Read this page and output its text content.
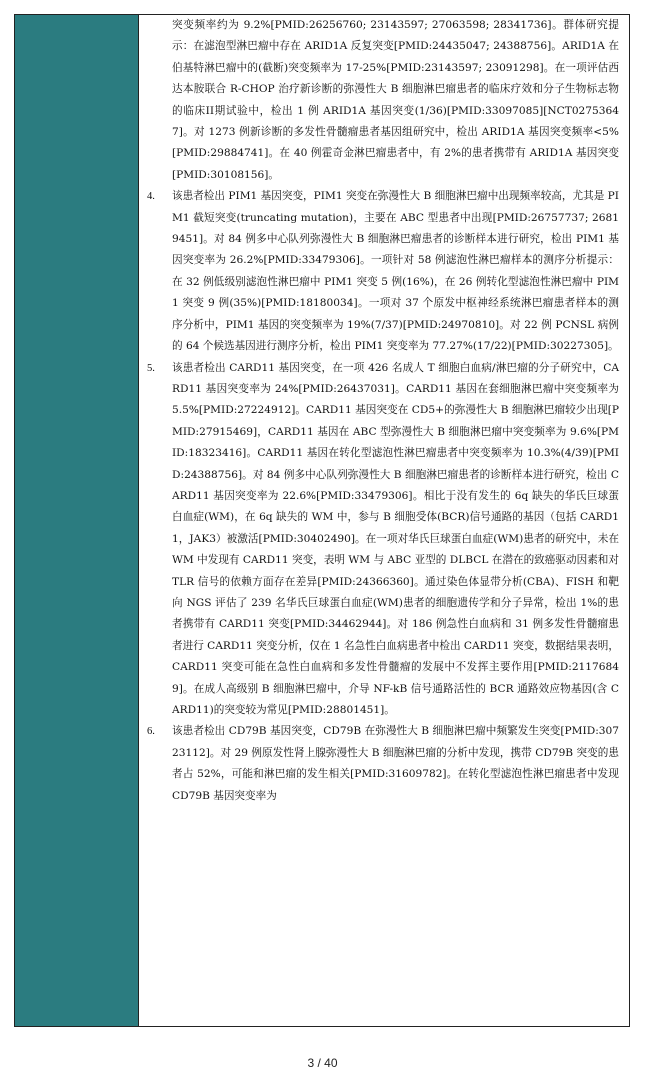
突变频率约为 9.2%[PMID:26256760; 23143597; 27063598; 28341736]。群体研究提示：在滤泡型淋巴瘤中存在 ARID1A 反复突变[PMID:24435047; 24388756]。ARID1A 在伯基特淋巴瘤中的(截断)突变频率为 17-25%[PMID:23143597; 23091298]。在一项评估西达本胺联合 R-CHOP 治疗新诊断的弥漫性大 B 细胞淋巴瘤患者的临床疗效和分子生物标志物的临床II期试验中，检出 1 例 ARID1A 基因突变(1/36)[PMID:33097085][NCT02753647]。对 1273 例新诊断的多发性骨髓瘤患者基因组研究中，检出 ARID1A 基因突变频率<5%[PMID:29884741]。在 40 例霍奇金淋巴瘤患者中，有 2%的患者携带有 ARID1A 基因突变[PMID:30108156]。

4.	该患者检出 PIM1 基因突变，PIM1 突变在弥漫性大 B 细胞淋巴瘤中出现频率较高，尤其是 PIM1 截短突变(truncating mutation)，主要在 ABC 型患者中出现[PMID:26757737; 26819451]。对 84 例多中心队列弥漫性大 B 细胞淋巴瘤患者的诊断样本进行研究，检出 PIM1 基因突变率为 26.2%[PMID:33479306]。一项针对 58 例滤泡性淋巴瘤样本的测序分析提示：在 32 例低级别滤泡性淋巴瘤中 PIM1 突变 5 例(16%)，在 26 例转化型滤泡性淋巴瘤中 PIM1 突变 9 例(35%)[PMID:18180034]。一项对 37 个原发中枢神经系统淋巴瘤患者样本的测序分析中，PIM1 基因的突变频率为 19%(7/37)[PMID:24970810]。对 22 例 PCNSL 病例的 64 个候选基因进行测序分析，检出 PIM1 突变率为 77.27%(17/22)[PMID:30227305]。

5.	该患者检出 CARD11 基因突变，在一项 426 名成人 T 细胞白血病/淋巴瘤的分子研究中，CARD11 基因突变率为 24%[PMID:26437031]。CARD11 基因在套细胞淋巴瘤中突变频率为 5.5%[PMID:27224912]。CARD11 基因突变在 CD5+的弥漫性大 B 细胞淋巴瘤较少出现[PMID:27915469]，CARD11 基因在 ABC 型弥漫性大 B 细胞淋巴瘤中突变频率为 9.6%[PMID:18323416]。CARD11 基因在转化型滤泡性淋巴瘤患者中突变频率为 10.3%(4/39)[PMID:24388756]。对 84 例多中心队列弥漫性大 B 细胞淋巴瘤患者的诊断样本进行研究，检出 CARD11 基因突变率为 22.6%[PMID:33479306]。相比于没有发生的 6q 缺失的华氏巨球蛋白血症(WM)，在 6q 缺失的 WM 中，参与 B 细胞受体(BCR)信号通路的基因（包括 CARD11，JAK3）被激活[PMID:30402490]。在一项对华氏巨球蛋白血症(WM)患者的研究中，未在 WM 中发现有 CARD11 突变，表明 WM 与 ABC 亚型的 DLBCL 在潜在的致癌驱动因素和对 TLR 信号的依赖方面存在差异[PMID:24366360]。通过染色体显带分析(CBA)、FISH 和靶向 NGS 评估了 239 名华氏巨球蛋白血症(WM)患者的细胞遗传学和分子异常，检出 1%的患者携带有 CARD11 突变[PMID:34462944]。对 186 例急性白血病和 31 例多发性骨髓瘤患者进行 CARD11 突变分析，仅在 1 名急性白血病患者中检出 CARD11 突变，数据结果表明，CARD11 突变可能在急性白血病和多发性骨髓瘤的发展中不发挥主要作用[PMID:21176849]。在成人高级别 B 细胞淋巴瘤中，介导 NF-kB 信号通路活性的 BCR 通路效应物基因(含 CARD11)的突变较为常见[PMID:28801451]。

6.	该患者检出 CD79B 基因突变，CD79B 在弥漫性大 B 细胞淋巴瘤中频繁发生突变[PMID:30723112]。对 29 例原发性肾上腺弥漫性大 B 细胞淋巴瘤的分析中发现，携带 CD79B 突变的患者占 52%，可能和淋巴瘤的发生相关[PMID:31609782]。在转化型滤泡性淋巴瘤患者中发现 CD79B 基因突变率为

3 / 40
